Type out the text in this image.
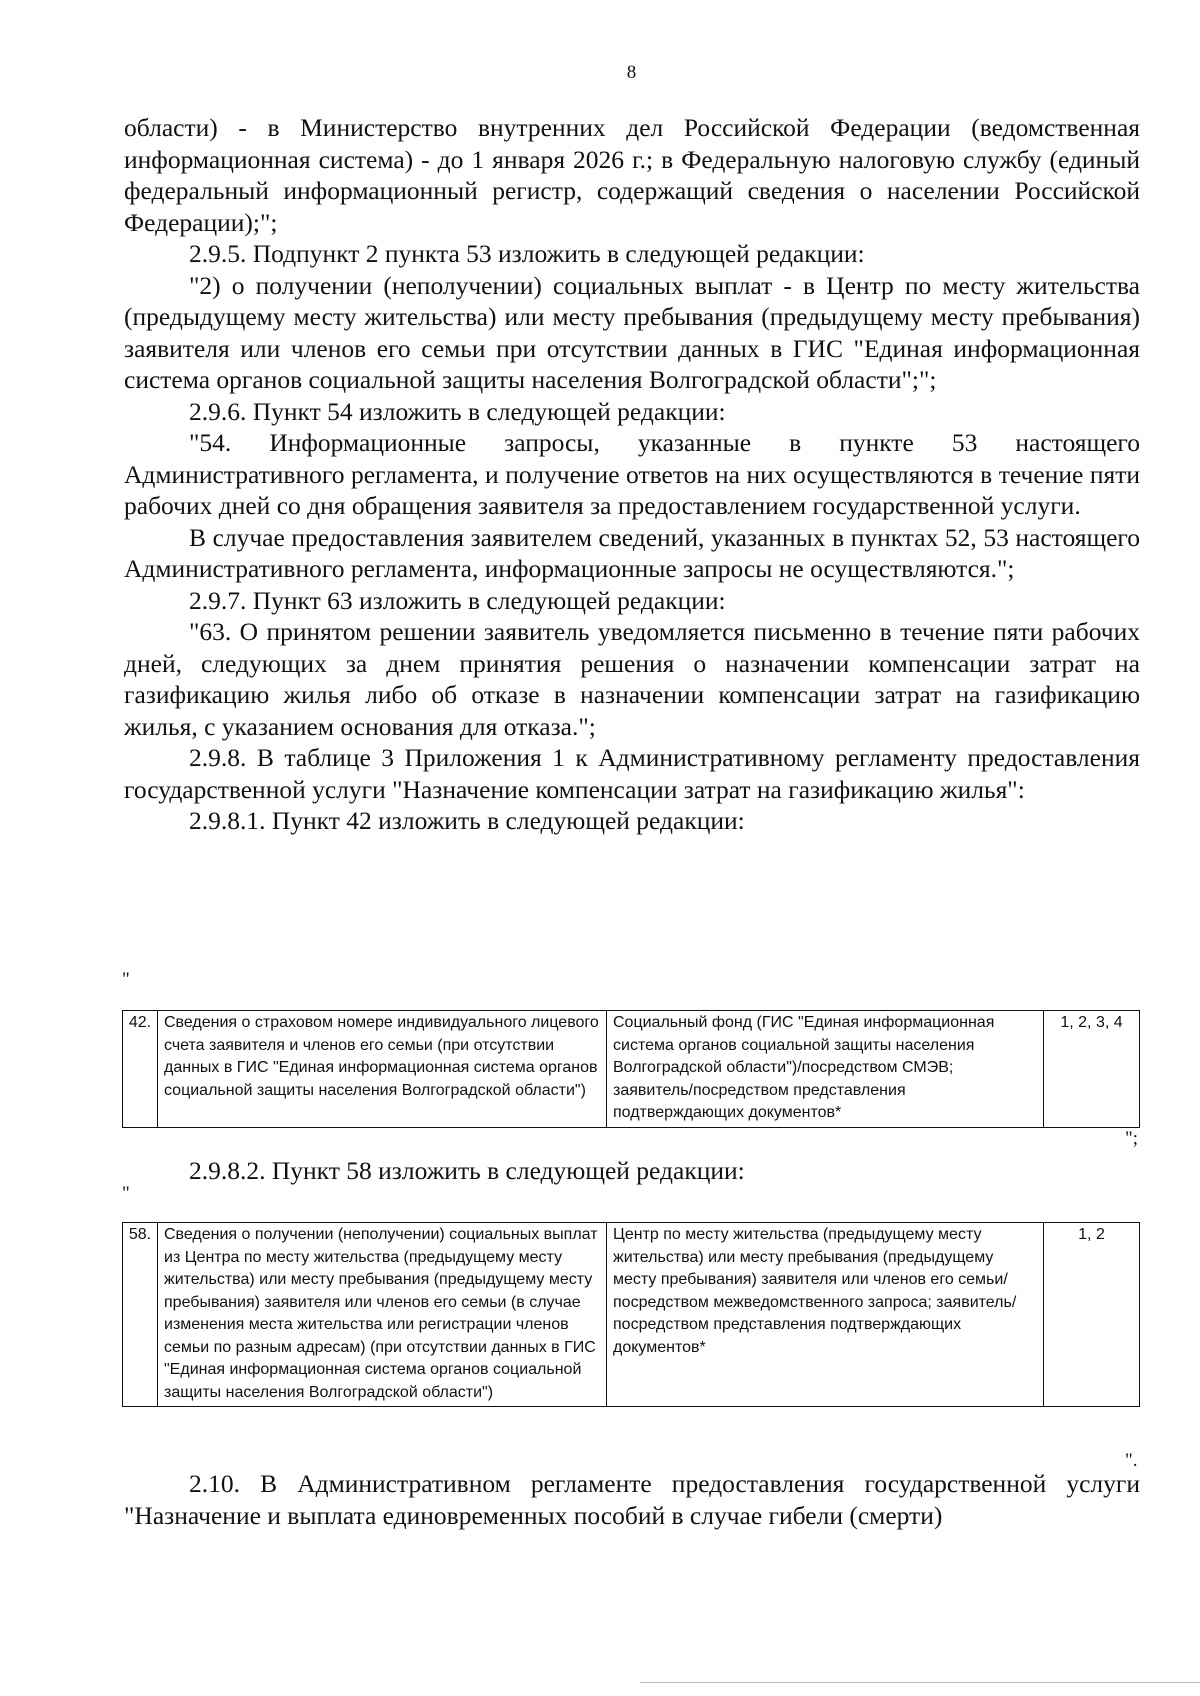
8

области) - в Министерство внутренних дел Российской Федерации (ведомственная информационная система) - до 1 января 2026 г.; в Федеральную налоговую службу (единый федеральный информационный регистр, содержащий сведения о населении Российской Федерации);";

2.9.5. Подпункт 2 пункта 53 изложить в следующей редакции:

"2) о получении (неполучении) социальных выплат - в Центр по месту жительства (предыдущему месту жительства) или месту пребывания (предыдущему месту пребывания) заявителя или членов его семьи при отсутствии данных в ГИС "Единая информационная система органов социальной защиты населения Волгоградской области";";

2.9.6. Пункт 54 изложить в следующей редакции:

"54. Информационные запросы, указанные в пункте 53 настоящего Административного регламента, и получение ответов на них осуществляются в течение пяти рабочих дней со дня обращения заявителя за предоставлением государственной услуги.

В случае предоставления заявителем сведений, указанных в пунктах 52, 53 настоящего Административного регламента, информационные запросы не осуществляются.";

2.9.7. Пункт 63 изложить в следующей редакции:

"63. О принятом решении заявитель уведомляется письменно в течение пяти рабочих дней, следующих за днем принятия решения о назначении компенсации затрат на газификацию жилья либо об отказе в назначении компенсации затрат на газификацию жилья, с указанием основания для отказа.";

2.9.8. В таблице 3 Приложения 1 к Административному регламенту предоставления государственной услуги "Назначение компенсации затрат на газификацию жилья":

2.9.8.1. Пункт 42 изложить в следующей редакции:

"
42.	Сведения о страховом номере индивидуального лицевого счета заявителя и членов его семьи (при отсутствии данных в ГИС "Единая информационная система органов социальной защиты населения Волгоградской области")	Социальный фонд (ГИС "Единая информационная система органов социальной защиты населения Волгоградской области")/посредством СМЭВ; заявитель/посредством представления подтверждающих документов*	1, 2, 3, 4
";

2.9.8.2. Пункт 58 изложить в следующей редакции:

"
58.	Сведения о получении (неполучении) социальных выплат из Центра по месту жительства (предыдущему месту жительства) или месту пребывания (предыдущему месту пребывания) заявителя или членов его семьи (в случае изменения места жительства или регистрации членов семьи по разным адресам) (при отсутствии данных в ГИС "Единая информационная система органов социальной защиты населения Волгоградской области")	Центр по месту жительства (предыдущему месту жительства) или месту пребывания (предыдущему месту пребывания) заявителя или членов его семьи/посредством межведомственного запроса; заявитель/посредством представления подтверждающих документов*	1, 2
".

2.10. В Административном регламенте предоставления государственной услуги "Назначение и выплата единовременных пособий в случае гибели (смерти)
